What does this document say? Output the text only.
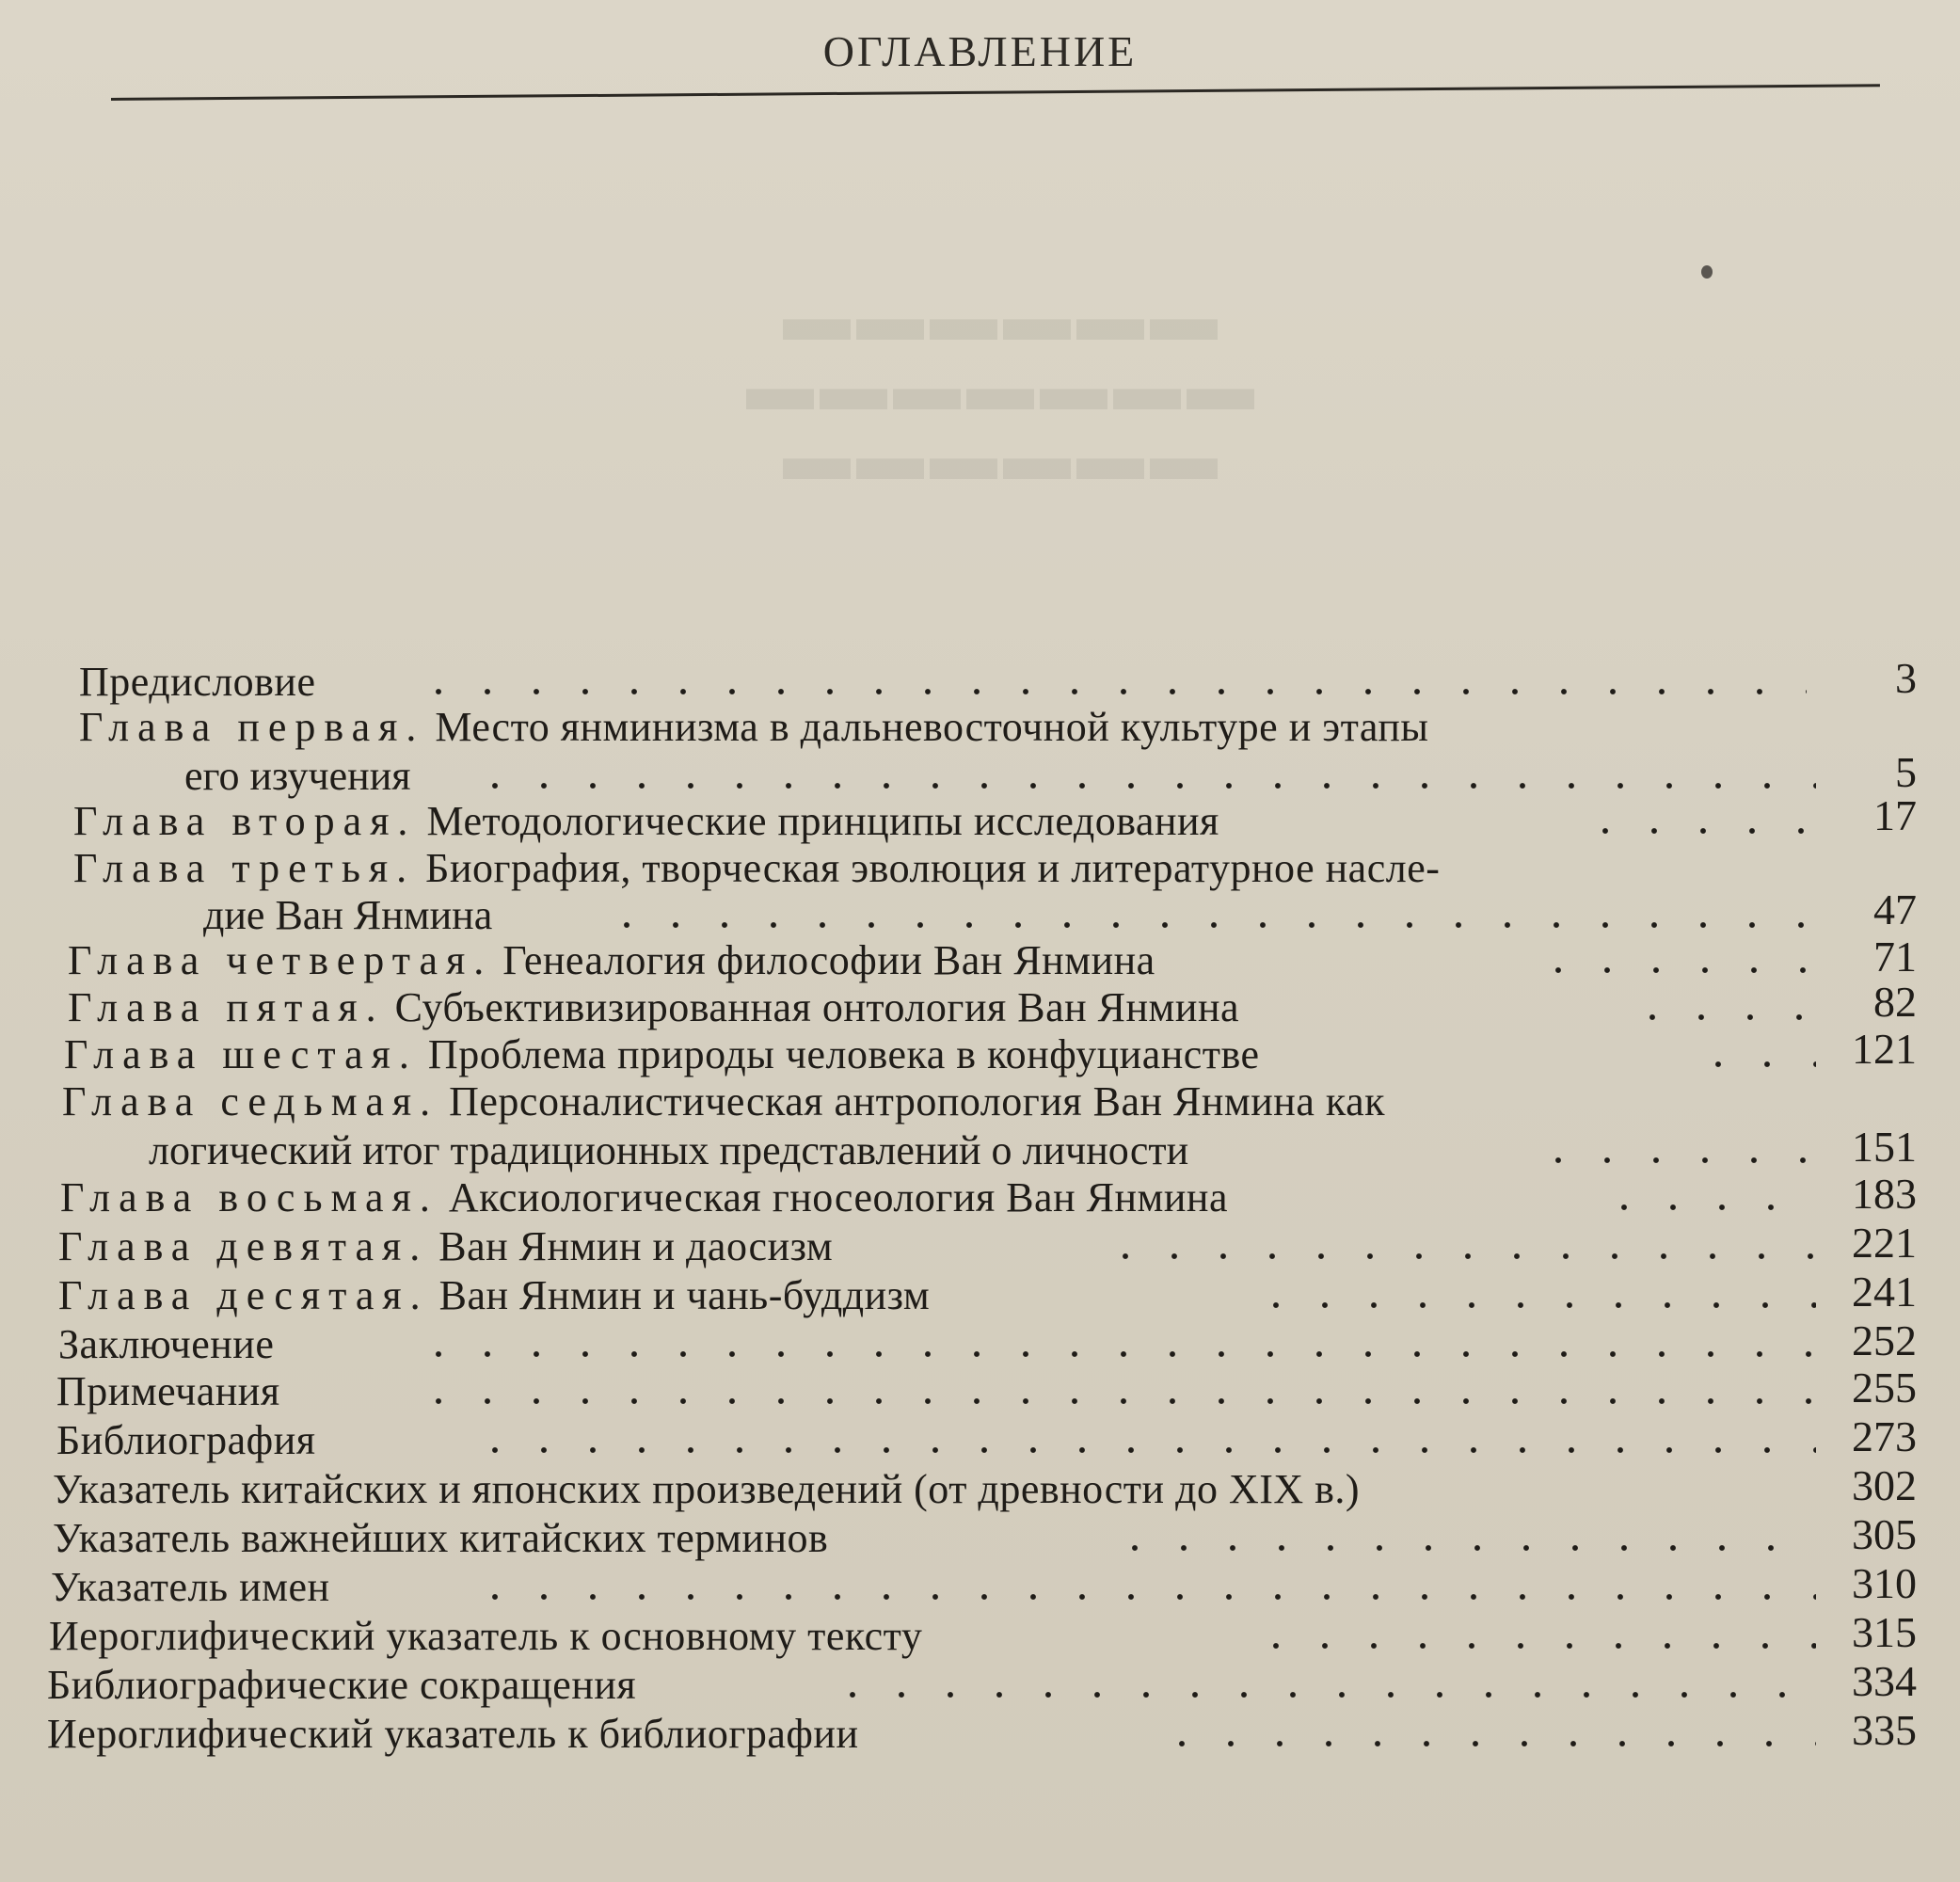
▬▬▬▬▬▬
▬▬▬▬▬▬▬
▬▬▬▬▬▬
ОГЛАВЛЕНИЕ
Предисловие	3
Глава первая. Место янминизма в дальневосточной культуре и этапы
его изучения	5
Глава вторая. Методологические принципы исследования	17
Глава третья. Биография, творческая эволюция и литературное насле-
дие Ван Янмина	47
Глава четвертая. Генеалогия философии Ван Янмина	71
Глава пятая. Субъективизированная онтология Ван Янмина	82
Глава шестая. Проблема природы человека в конфуцианстве	121
Глава седьмая. Персоналистическая антропология Ван Янмина как
логический итог традиционных представлений о личности	151
Глава восьмая. Аксиологическая гносеология Ван Янмина	183
Глава девятая. Ван Янмин и даосизм	221
Глава десятая. Ван Янмин и чань-буддизм	241
Заключение	252
Примечания	255
Библиография	273
Указатель китайских и японских произведений (от древности до XIX в.)	302
Указатель важнейших китайских терминов	305
Указатель имен	310
Иероглифический указатель к основному тексту	315
Библиографические сокращения	334
Иероглифический указатель к библиографии	335
